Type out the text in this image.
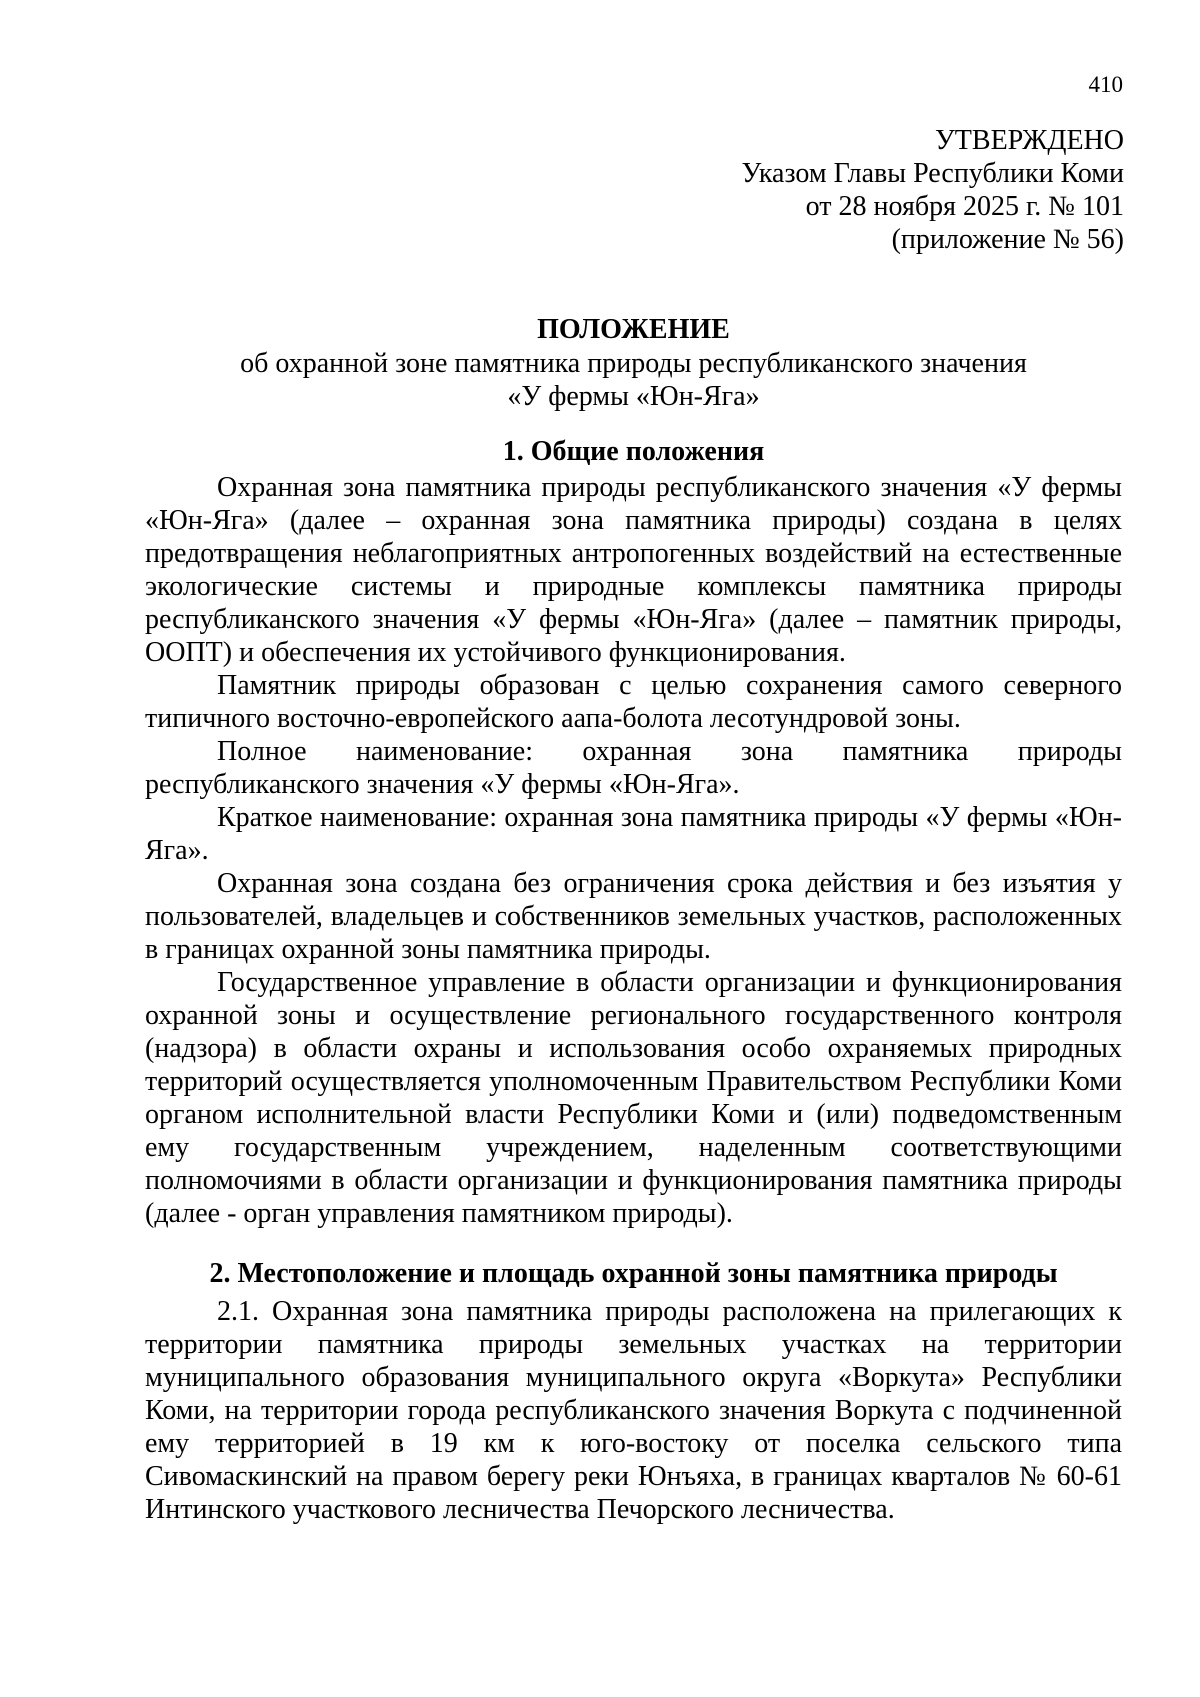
410
УТВЕРЖДЕНО
Указом Главы Республики Коми
от 28 ноября 2025 г. № 101
(приложение № 56)
ПОЛОЖЕНИЕ
об охранной зоне памятника природы республиканского значения
«У фермы «Юн-Яга»
1. Общие положения

Охранная зона памятника природы республиканского значения «У фермы «Юн-Яга» (далее – охранная зона памятника природы) создана в целях предотвращения неблагоприятных антропогенных воздействий на естественные экологические системы и природные комплексы памятника природы республиканского значения «У фермы «Юн-Яга» (далее – памятник природы, ООПТ) и обеспечения их устойчивого функционирования.

Памятник природы образован с целью сохранения самого северного типичного восточно-европейского аапа-болота лесотундровой зоны.

Полное наименование: охранная зона памятника природы республиканского значения «У фермы «Юн-Яга».

Краткое наименование: охранная зона памятника природы «У фермы «Юн-Яга».

Охранная зона создана без ограничения срока действия и без изъятия у пользователей, владельцев и собственников земельных участков, расположенных в границах охранной зоны памятника природы.

Государственное управление в области организации и функционирования охранной зоны и осуществление регионального государственного контроля (надзора) в области охраны и использования особо охраняемых природных территорий осуществляется уполномоченным Правительством Республики Коми органом исполнительной власти Республики Коми и (или) подведомственным ему государственным учреждением, наделенным соответствующими полномочиями в области организации и функционирования памятника природы (далее - орган управления памятником природы).

2. Местоположение и площадь охранной зоны памятника природы

2.1. Охранная зона памятника природы расположена на прилегающих к территории памятника природы земельных участках на территории муниципального образования муниципального округа «Воркута» Республики Коми, на территории города республиканского значения Воркута с подчиненной ему территорией в 19 км к юго-востоку от поселка сельского типа Сивомаскинский на правом берегу реки Юнъяха, в границах кварталов № 60-61 Интинского участкового лесничества Печорского лесничества.
